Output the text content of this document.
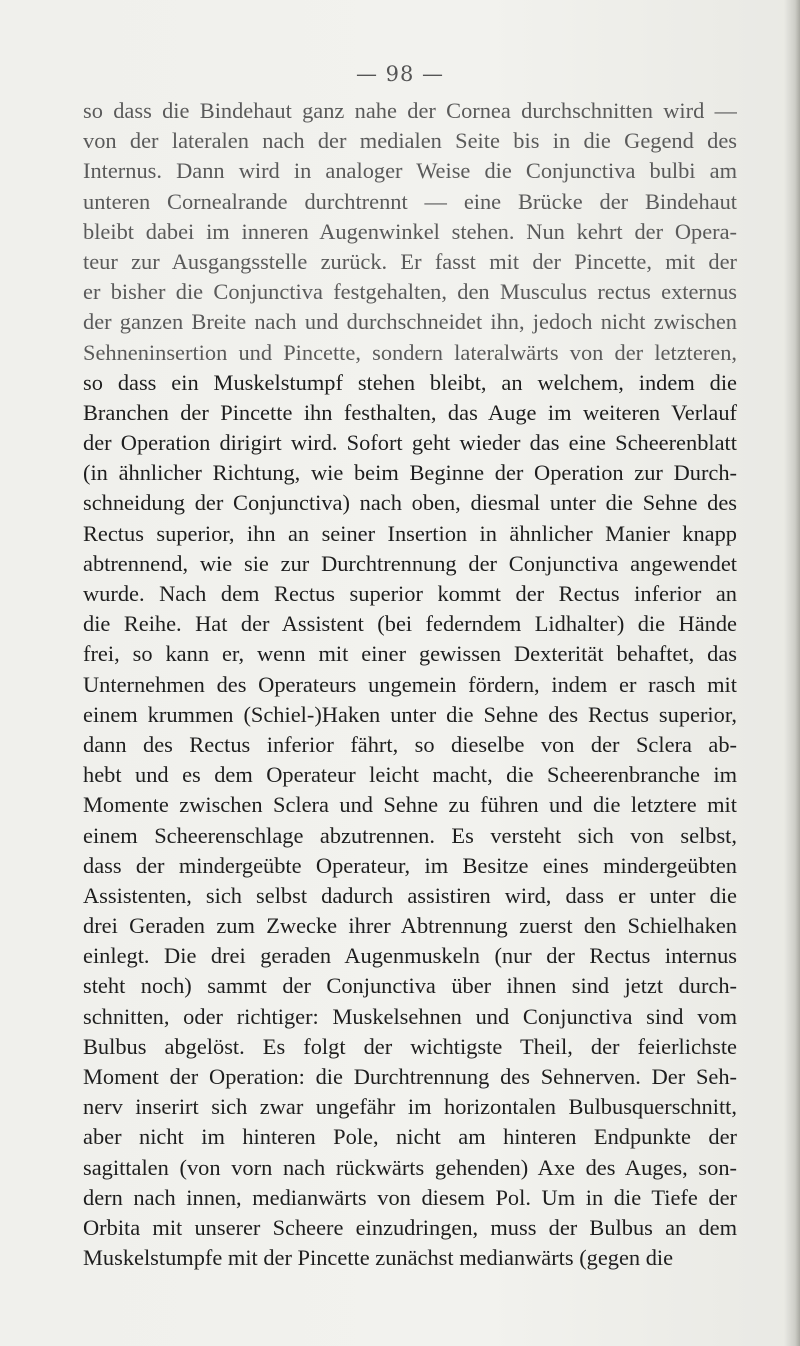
— 98 —
so dass die Bindehaut ganz nahe der Cornea durchschnitten wird —
von der lateralen nach der medialen Seite bis in die Gegend des
Internus. Dann wird in analoger Weise die Conjunctiva bulbi am
unteren Cornealrande durchtrennt — eine Brücke der Bindehaut
bleibt dabei im inneren Augenwinkel stehen. Nun kehrt der Opera-
teur zur Ausgangsstelle zurück. Er fasst mit der Pincette, mit der
er bisher die Conjunctiva festgehalten, den Musculus rectus externus
der ganzen Breite nach und durchschneidet ihn, jedoch nicht zwischen
Sehneninsertion und Pincette, sondern lateralwärts von der letzteren,
so dass ein Muskelstumpf stehen bleibt, an welchem, indem die
Branchen der Pincette ihn festhalten, das Auge im weiteren Verlauf
der Operation dirigirt wird. Sofort geht wieder das eine Scheerenblatt
(in ähnlicher Richtung, wie beim Beginne der Operation zur Durch-
schneidung der Conjunctiva) nach oben, diesmal unter die Sehne des
Rectus superior, ihn an seiner Insertion in ähnlicher Manier knapp
abtrennend, wie sie zur Durchtrennung der Conjunctiva angewendet
wurde. Nach dem Rectus superior kommt der Rectus inferior an
die Reihe. Hat der Assistent (bei federndem Lidhalter) die Hände
frei, so kann er, wenn mit einer gewissen Dexterität behaftet, das
Unternehmen des Operateurs ungemein fördern, indem er rasch mit
einem krummen (Schiel-)Haken unter die Sehne des Rectus superior,
dann des Rectus inferior fährt, so dieselbe von der Sclera ab-
hebt und es dem Operateur leicht macht, die Scheerenbranche im
Momente zwischen Sclera und Sehne zu führen und die letztere mit
einem Scheerenschlage abzutrennen. Es versteht sich von selbst,
dass der mindergeübte Operateur, im Besitze eines mindergeübten
Assistenten, sich selbst dadurch assistiren wird, dass er unter die
drei Geraden zum Zwecke ihrer Abtrennung zuerst den Schielhaken
einlegt. Die drei geraden Augenmuskeln (nur der Rectus internus
steht noch) sammt der Conjunctiva über ihnen sind jetzt durch-
schnitten, oder richtiger: Muskelsehnen und Conjunctiva sind vom
Bulbus abgelöst. Es folgt der wichtigste Theil, der feierlichste
Moment der Operation: die Durchtrennung des Sehnerven. Der Seh-
nerv inserirt sich zwar ungefähr im horizontalen Bulbusquerschnitt,
aber nicht im hinteren Pole, nicht am hinteren Endpunkte der
sagittalen (von vorn nach rückwärts gehenden) Axe des Auges, son-
dern nach innen, medianwärts von diesem Pol. Um in die Tiefe der
Orbita mit unserer Scheere einzudringen, muss der Bulbus an dem
Muskelstumpfe mit der Pincette zunächst medianwärts (gegen die
